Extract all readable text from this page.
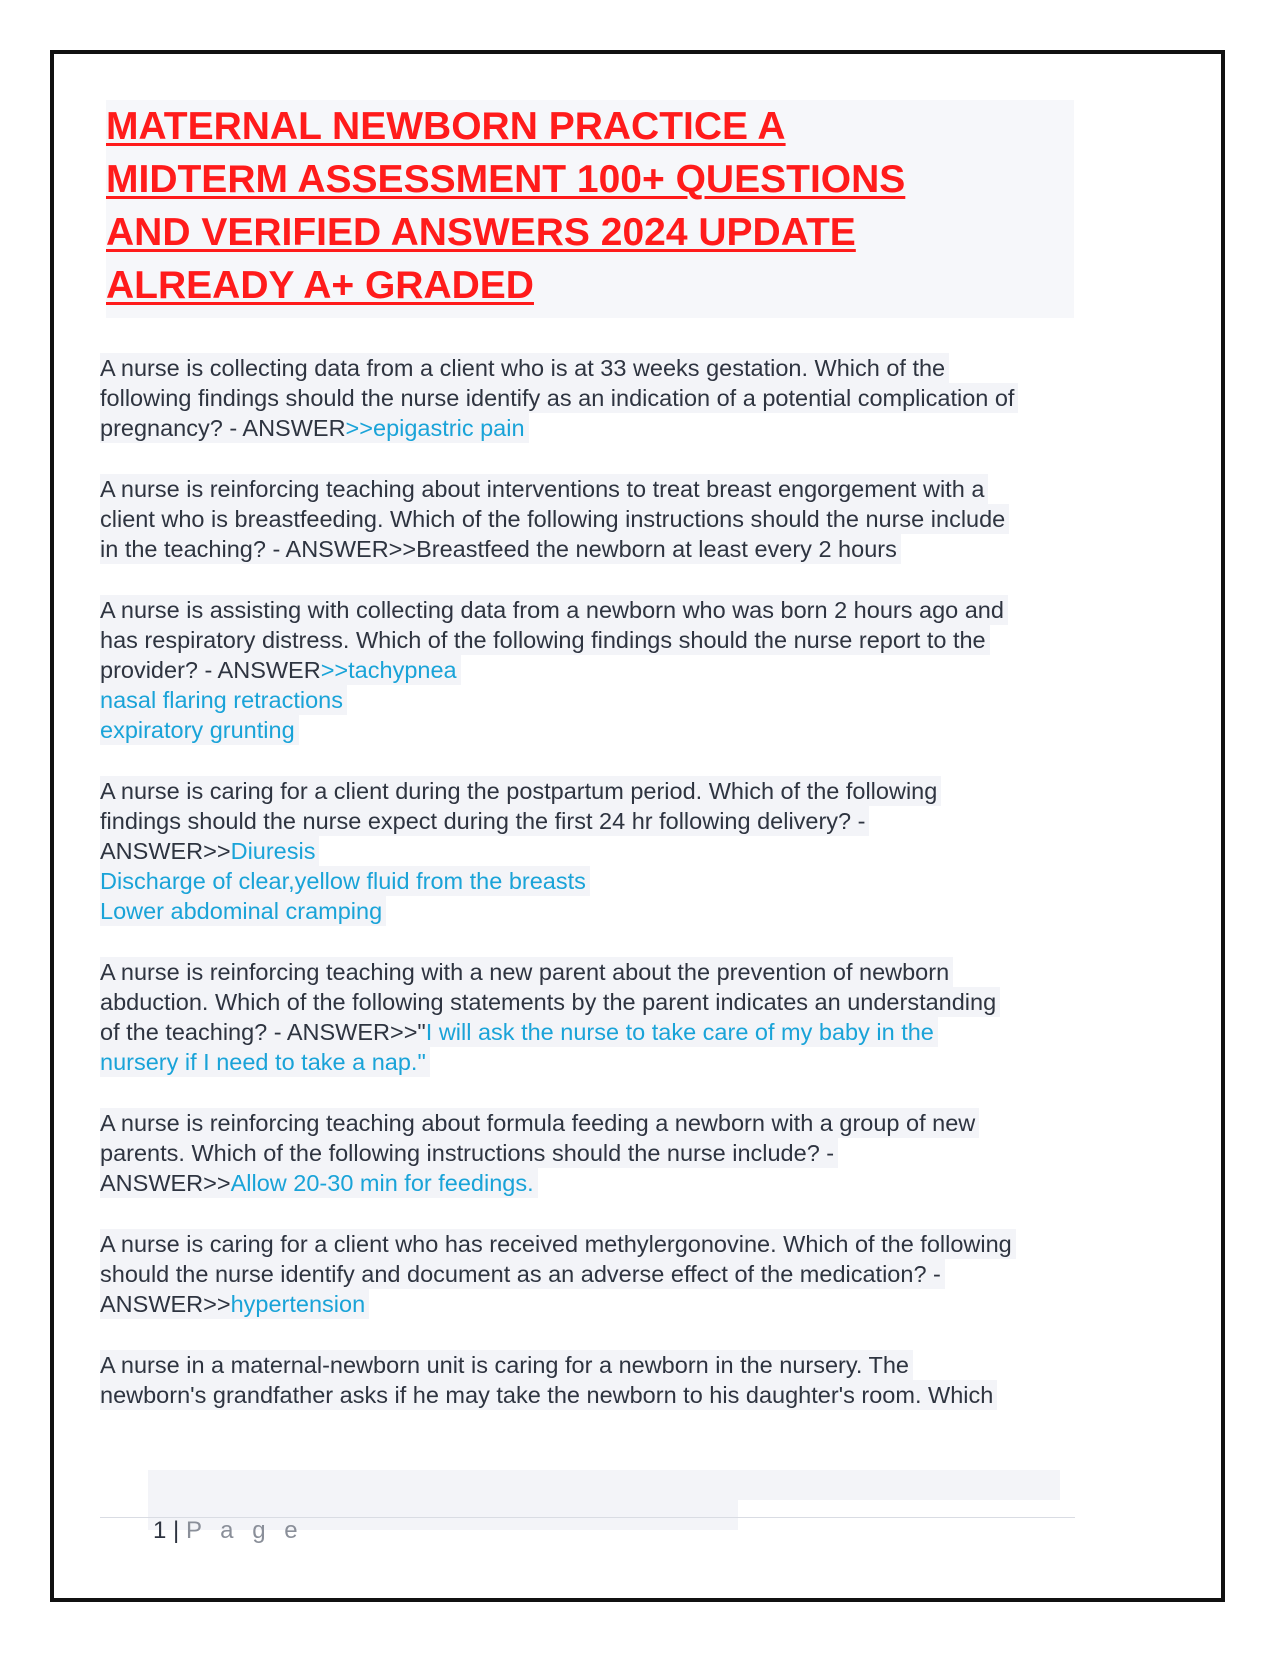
MATERNAL NEWBORN PRACTICE A
MIDTERM ASSESSMENT 100+ QUESTIONS
AND VERIFIED ANSWERS 2024 UPDATE
ALREADY A+ GRADED
A nurse is collecting data from a client who is at 33 weeks gestation. Which of the
following findings should the nurse identify as an indication of a potential complication of
pregnancy? - ANSWER>>epigastric pain
A nurse is reinforcing teaching about interventions to treat breast engorgement with a
client who is breastfeeding. Which of the following instructions should the nurse include
in the teaching? - ANSWER>>Breastfeed the newborn at least every 2 hours
A nurse is assisting with collecting data from a newborn who was born 2 hours ago and
has respiratory distress. Which of the following findings should the nurse report to the
provider? - ANSWER>>tachypnea
nasal flaring retractions
expiratory grunting
A nurse is caring for a client during the postpartum period. Which of the following
findings should the nurse expect during the first 24 hr following delivery? -
ANSWER>>Diuresis
Discharge of clear,yellow fluid from the breasts
Lower abdominal cramping
A nurse is reinforcing teaching with a new parent about the prevention of newborn
abduction. Which of the following statements by the parent indicates an understanding
of the teaching? - ANSWER>>"I will ask the nurse to take care of my baby in the
nursery if I need to take a nap."
A nurse is reinforcing teaching about formula feeding a newborn with a group of new
parents. Which of the following instructions should the nurse include? -
ANSWER>>Allow 20-30 min for feedings.
A nurse is caring for a client who has received methylergonovine. Which of the following
should the nurse identify and document as an adverse effect of the medication? -
ANSWER>>hypertension
A nurse in a maternal-newborn unit is caring for a newborn in the nursery. The
newborn's grandfather asks if he may take the newborn to his daughter's room. Which
1 | P a g e
